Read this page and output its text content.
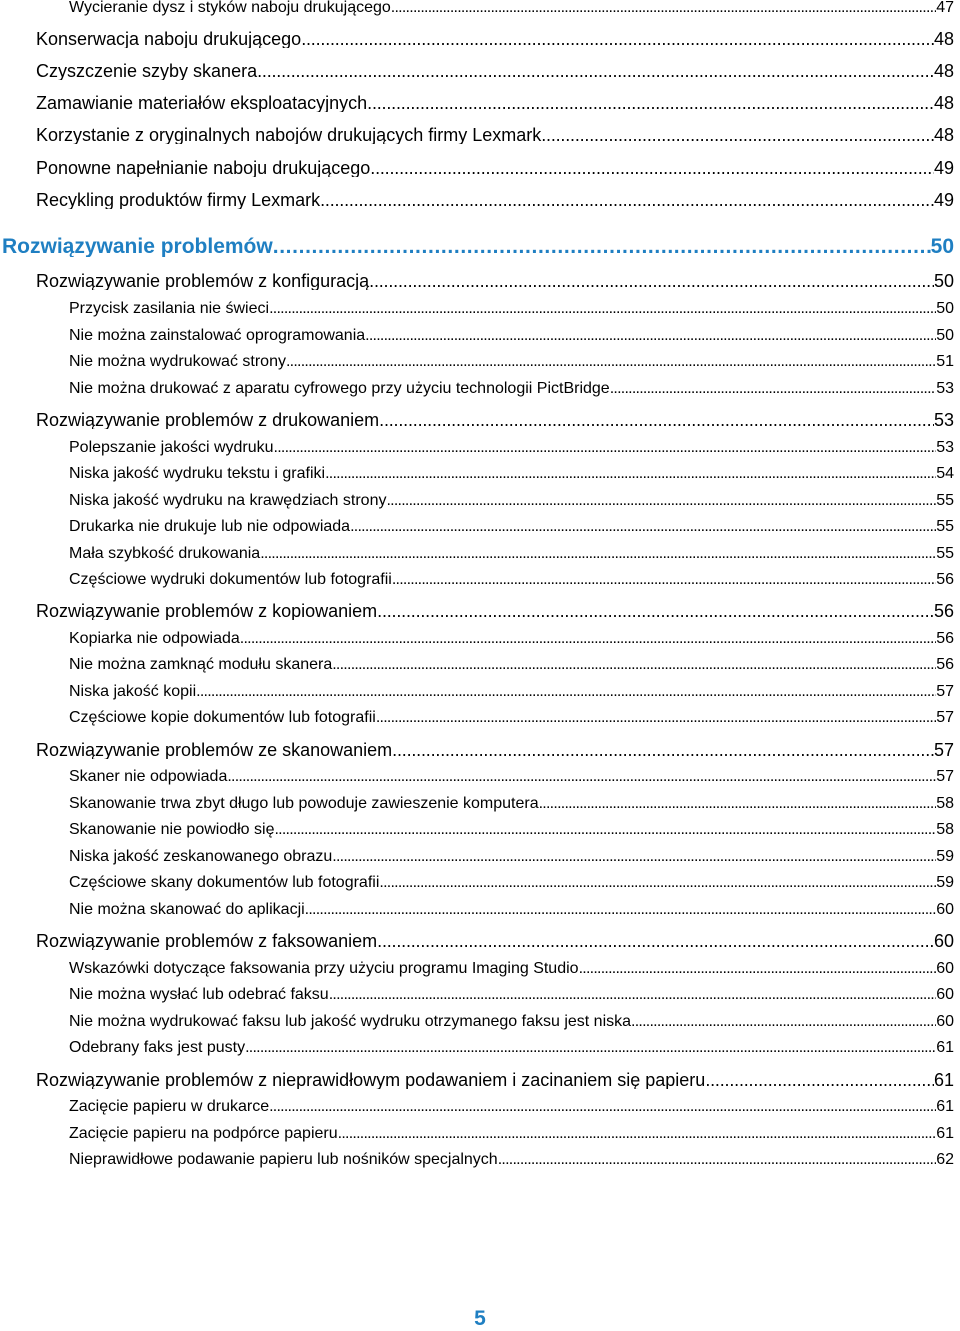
Wycieranie dysz i styków naboju drukującego . . .	47
Konserwacja naboju drukującego . . .	48
Czyszczenie szyby skanera . . .	48
Zamawianie materiałów eksploatacyjnych . . .	48
Korzystanie z oryginalnych nabojów drukujących firmy Lexmark . . .	48
Ponowne napełnianie naboju drukującego . . .	49
Recykling produktów firmy Lexmark . . .	49
Rozwiązywanie problemów . . .	50
Rozwiązywanie problemów z konfiguracją . . .	50
Przycisk zasilania nie świeci . . .	50
Nie można zainstalować oprogramowania . . .	50
Nie można wydrukować strony . . .	51
Nie można drukować z aparatu cyfrowego przy użyciu technologii PictBridge . . .	53
Rozwiązywanie problemów z drukowaniem . . .	53
Polepszanie jakości wydruku . . .	53
Niska jakość wydruku tekstu i grafiki . . .	54
Niska jakość wydruku na krawędziach strony . . .	55
Drukarka nie drukuje lub nie odpowiada . . .	55
Mała szybkość drukowania . . .	55
Częściowe wydruki dokumentów lub fotografii . . .	56
Rozwiązywanie problemów z kopiowaniem . . .	56
Kopiarka nie odpowiada . . .	56
Nie można zamknąć modułu skanera . . .	56
Niska jakość kopii . . .	57
Częściowe kopie dokumentów lub fotografii . . .	57
Rozwiązywanie problemów ze skanowaniem . . .	57
Skaner nie odpowiada . . .	57
Skanowanie trwa zbyt długo lub powoduje zawieszenie komputera . . .	58
Skanowanie nie powiodło się . . .	58
Niska jakość zeskanowanego obrazu . . .	59
Częściowe skany dokumentów lub fotografii . . .	59
Nie można skanować do aplikacji . . .	60
Rozwiązywanie problemów z faksowaniem . . .	60
Wskazówki dotyczące faksowania przy użyciu programu Imaging Studio . . .	60
Nie można wysłać lub odebrać faksu . . .	60
Nie można wydrukować faksu lub jakość wydruku otrzymanego faksu jest niska . . .	60
Odebrany faks jest pusty . . .	61
Rozwiązywanie problemów z nieprawidłowym podawaniem i zacinaniem się papieru . . .	61
Zacięcie papieru w drukarce . . .	61
Zacięcie papieru na podpórce papieru . . .	61
Nieprawidłowe podawanie papieru lub nośników specjalnych . . .	62
5
